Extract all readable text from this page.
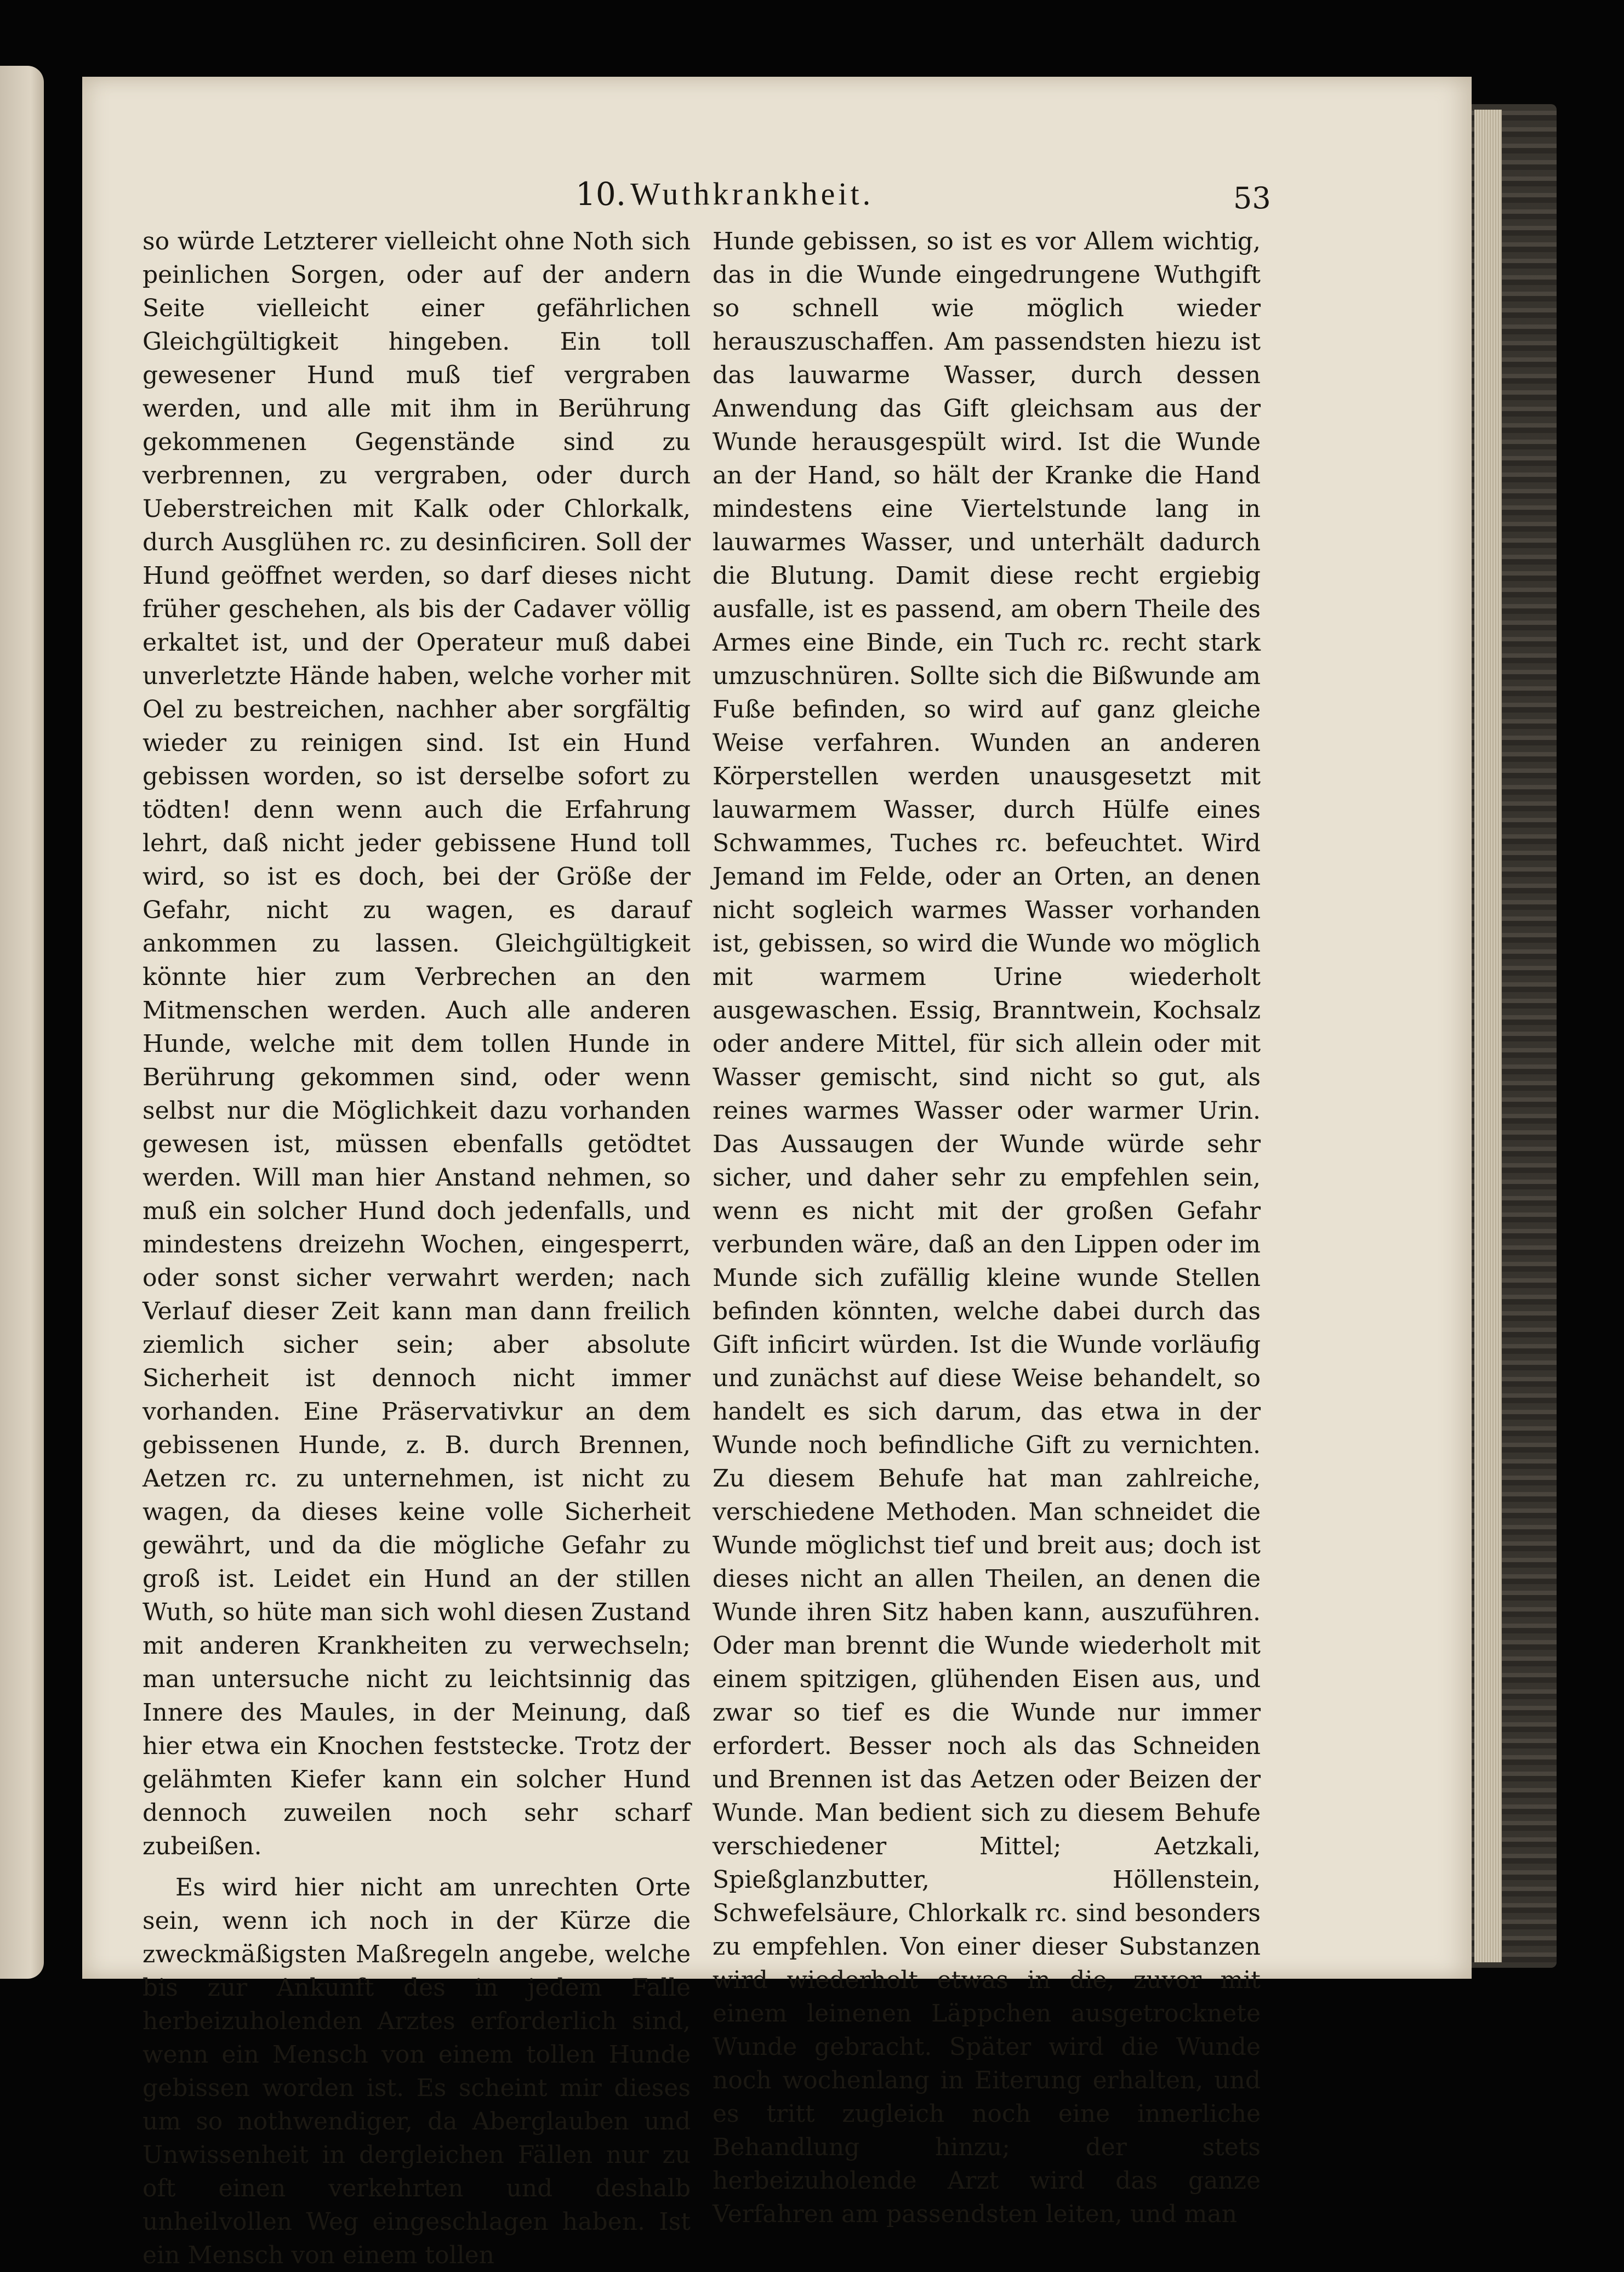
10. Wuthkrankheit.	53

so würde Letzterer vielleicht ohne Noth sich peinlichen Sorgen, oder auf der andern Seite vielleicht einer gefährlichen Gleichgültigkeit hingeben. Ein toll gewesener Hund muß tief vergraben werden, und alle mit ihm in Berührung gekommenen Gegenstände sind zu verbrennen, zu vergraben, oder durch Ueberstreichen mit Kalk oder Chlorkalk, durch Ausglühen rc. zu desinficiren. Soll der Hund geöffnet werden, so darf dieses nicht früher geschehen, als bis der Cadaver völlig erkaltet ist, und der Operateur muß dabei unverletzte Hände haben, welche vorher mit Oel zu bestreichen, nachher aber sorgfältig wieder zu reinigen sind. Ist ein Hund gebissen worden, so ist derselbe sofort zu tödten! denn wenn auch die Erfahrung lehrt, daß nicht jeder gebissene Hund toll wird, so ist es doch, bei der Größe der Gefahr, nicht zu wagen, es darauf ankommen zu lassen. Gleichgültigkeit könnte hier zum Verbrechen an den Mitmenschen werden. Auch alle anderen Hunde, welche mit dem tollen Hunde in Berührung gekommen sind, oder wenn selbst nur die Möglichkeit dazu vorhanden gewesen ist, müssen ebenfalls getödtet werden. Will man hier Anstand nehmen, so muß ein solcher Hund doch jedenfalls, und mindestens dreizehn Wochen, eingesperrt, oder sonst sicher verwahrt werden; nach Verlauf dieser Zeit kann man dann freilich ziemlich sicher sein; aber absolute Sicherheit ist dennoch nicht immer vorhanden. Eine Präservativkur an dem gebissenen Hunde, z. B. durch Brennen, Aetzen rc. zu unternehmen, ist nicht zu wagen, da dieses keine volle Sicherheit gewährt, und da die mögliche Gefahr zu groß ist. Leidet ein Hund an der stillen Wuth, so hüte man sich wohl diesen Zustand mit anderen Krankheiten zu verwechseln; man untersuche nicht zu leichtsinnig das Innere des Maules, in der Meinung, daß hier etwa ein Knochen feststecke. Trotz der gelähmten Kiefer kann ein solcher Hund dennoch zuweilen noch sehr scharf zubeißen.

Es wird hier nicht am unrechten Orte sein, wenn ich noch in der Kürze die zweckmäßigsten Maßregeln angebe, welche bis zur Ankunft des in jedem Falle herbeizuholenden Arztes erforderlich sind, wenn ein Mensch von einem tollen Hunde gebissen worden ist. Es scheint mir dieses um so nothwendiger, da Aberglauben und Unwissenheit in dergleichen Fällen nur zu oft einen verkehrten und deshalb unheilvollen Weg eingeschlagen haben. Ist ein Mensch von einem tollen

Hunde gebissen, so ist es vor Allem wichtig, das in die Wunde eingedrungene Wuthgift so schnell wie möglich wieder herauszuschaffen. Am passendsten hiezu ist das lauwarme Wasser, durch dessen Anwendung das Gift gleichsam aus der Wunde herausgespült wird. Ist die Wunde an der Hand, so hält der Kranke die Hand mindestens eine Viertelstunde lang in lauwarmes Wasser, und unterhält dadurch die Blutung. Damit diese recht ergiebig ausfalle, ist es passend, am obern Theile des Armes eine Binde, ein Tuch rc. recht stark umzuschnüren. Sollte sich die Bißwunde am Fuße befinden, so wird auf ganz gleiche Weise verfahren. Wunden an anderen Körperstellen werden unausgesetzt mit lauwarmem Wasser, durch Hülfe eines Schwammes, Tuches rc. befeuchtet. Wird Jemand im Felde, oder an Orten, an denen nicht sogleich warmes Wasser vorhanden ist, gebissen, so wird die Wunde wo möglich mit warmem Urine wiederholt ausgewaschen. Essig, Branntwein, Kochsalz oder andere Mittel, für sich allein oder mit Wasser gemischt, sind nicht so gut, als reines warmes Wasser oder warmer Urin. Das Aussaugen der Wunde würde sehr sicher, und daher sehr zu empfehlen sein, wenn es nicht mit der großen Gefahr verbunden wäre, daß an den Lippen oder im Munde sich zufällig kleine wunde Stellen befinden könnten, welche dabei durch das Gift inficirt würden. Ist die Wunde vorläufig und zunächst auf diese Weise behandelt, so handelt es sich darum, das etwa in der Wunde noch befindliche Gift zu vernichten. Zu diesem Behufe hat man zahlreiche, verschiedene Methoden. Man schneidet die Wunde möglichst tief und breit aus; doch ist dieses nicht an allen Theilen, an denen die Wunde ihren Sitz haben kann, auszuführen. Oder man brennt die Wunde wiederholt mit einem spitzigen, glühenden Eisen aus, und zwar so tief es die Wunde nur immer erfordert. Besser noch als das Schneiden und Brennen ist das Aetzen oder Beizen der Wunde. Man bedient sich zu diesem Behufe verschiedener Mittel; Aetzkali, Spießglanzbutter, Höllenstein, Schwefelsäure, Chlorkalk rc. sind besonders zu empfehlen. Von einer dieser Substanzen wird wiederholt etwas in die, zuvor mit einem leinenen Läppchen ausgetrocknete Wunde gebracht. Später wird die Wunde noch wochenlang in Eiterung erhalten, und es tritt zugleich noch eine innerliche Behandlung hinzu; der stets herbeizuholende Arzt wird das ganze Verfahren am passendsten leiten, und man
